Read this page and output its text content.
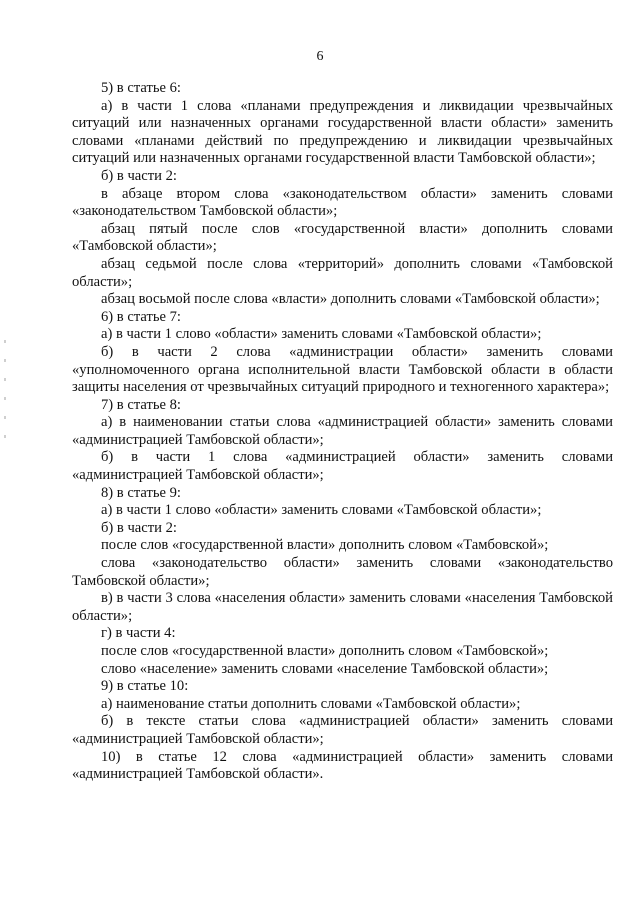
6

5) в статье 6:

а) в части 1 слова «планами предупреждения и ликвидации чрезвычайных ситуаций или назначенных органами государственной власти области» заменить словами «планами действий по предупреждению и ликвидации чрезвычайных ситуаций или назначенных органами государственной власти Тамбовской области»;

б) в части 2:

в абзаце втором слова «законодательством области» заменить словами «законодательством Тамбовской области»;

абзац пятый после слов «государственной власти» дополнить словами «Тамбовской области»;

абзац седьмой после слова «территорий» дополнить словами «Тамбовской области»;

абзац восьмой после слова «власти» дополнить словами «Тамбовской области»;

6) в статье 7:

а) в части 1 слово «области» заменить словами «Тамбовской области»;

б) в части 2 слова «администрации области» заменить словами «уполномоченного органа исполнительной власти Тамбовской области в области защиты населения от чрезвычайных ситуаций природного и техногенного характера»;

7) в статье 8:

а) в наименовании статьи слова «администрацией области» заменить словами «администрацией Тамбовской области»;

б) в части 1 слова «администрацией области» заменить словами «администрацией Тамбовской области»;

8) в статье 9:

а) в части 1 слово «области» заменить словами «Тамбовской области»;

б) в части 2:

после слов «государственной власти» дополнить словом «Тамбовской»;

слова «законодательство области» заменить словами «законодательство Тамбовской области»;

в) в части 3 слова «населения области» заменить словами «населения Тамбовской области»;

г) в части 4:

после слов «государственной власти» дополнить словом «Тамбовской»;

слово «население» заменить словами «население Тамбовской области»;

9) в статье 10:

а) наименование статьи дополнить словами «Тамбовской области»;

б) в тексте статьи слова «администрацией области» заменить словами «администрацией Тамбовской области»;

10) в статье 12 слова «администрацией области» заменить словами «администрацией Тамбовской области».
